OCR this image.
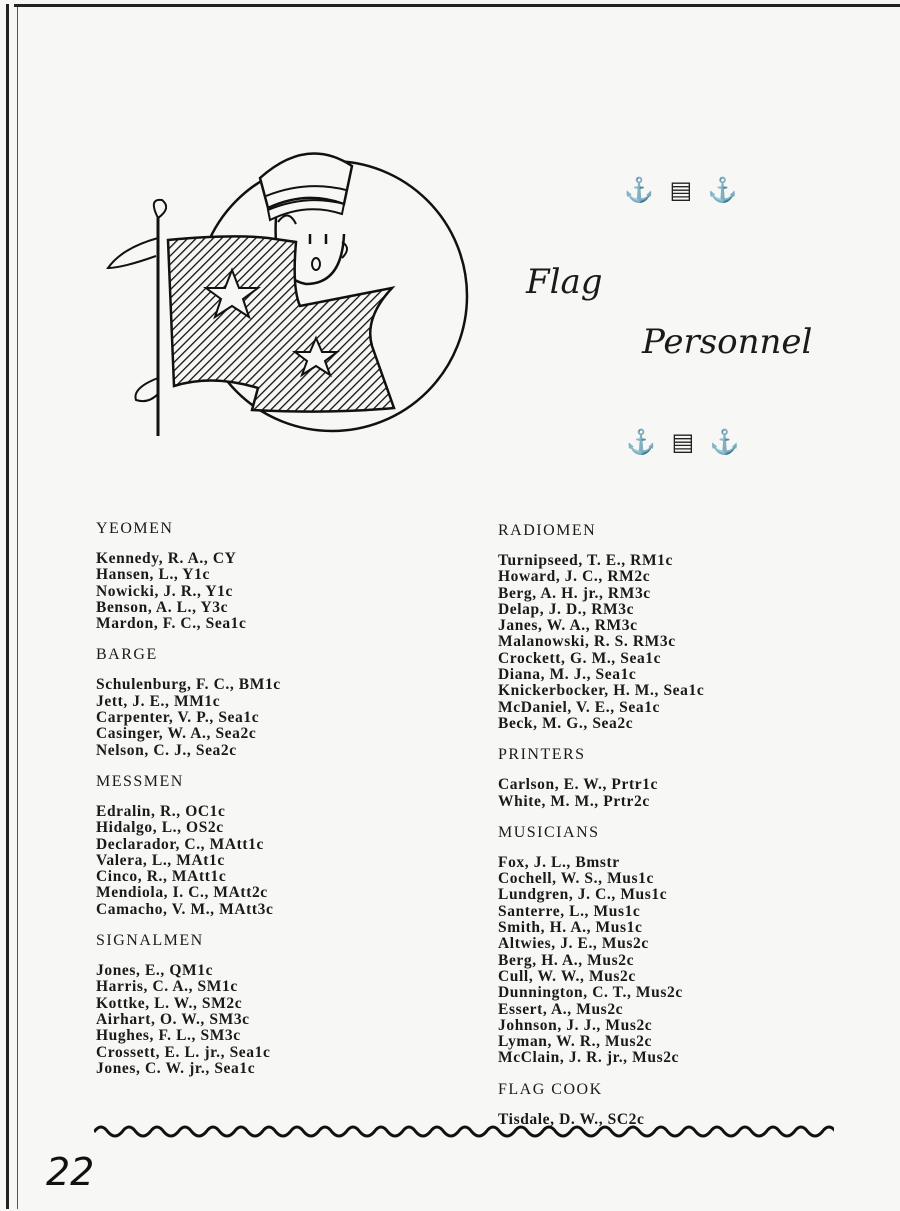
⚓ ▤ ⚓
Flag
Personnel
⚓ ▤ ⚓
YEOMEN
Kennedy, R. A., CY
Hansen, L., Y1c
Nowicki, J. R., Y1c
Benson, A. L., Y3c
Mardon, F. C., Sea1c
BARGE
Schulenburg, F. C., BM1c
Jett, J. E., MM1c
Carpenter, V. P., Sea1c
Casinger, W. A., Sea2c
Nelson, C. J., Sea2c
MESSMEN
Edralin, R., OC1c
Hidalgo, L., OS2c
Declarador, C., MAtt1c
Valera, L., MAt1c
Cinco, R., MAtt1c
Mendiola, I. C., MAtt2c
Camacho, V. M., MAtt3c
SIGNALMEN
Jones, E., QM1c
Harris, C. A., SM1c
Kottke, L. W., SM2c
Airhart, O. W., SM3c
Hughes, F. L., SM3c
Crossett, E. L. jr., Sea1c
Jones, C. W. jr., Sea1c
RADIOMEN
Turnipseed, T. E., RM1c
Howard, J. C., RM2c
Berg, A. H. jr., RM3c
Delap, J. D., RM3c
Janes, W. A., RM3c
Malanowski, R. S. RM3c
Crockett, G. M., Sea1c
Diana, M. J., Sea1c
Knickerbocker, H. M., Sea1c
McDaniel, V. E., Sea1c
Beck, M. G., Sea2c
PRINTERS
Carlson, E. W., Prtr1c
White, M. M., Prtr2c
MUSICIANS
Fox, J. L., Bmstr
Cochell, W. S., Mus1c
Lundgren, J. C., Mus1c
Santerre, L., Mus1c
Smith, H. A., Mus1c
Altwies, J. E., Mus2c
Berg, H. A., Mus2c
Cull, W. W., Mus2c
Dunnington, C. T., Mus2c
Essert, A., Mus2c
Johnson, J. J., Mus2c
Lyman, W. R., Mus2c
McClain, J. R. jr., Mus2c
FLAG COOK
Tisdale, D. W., SC2c
22
